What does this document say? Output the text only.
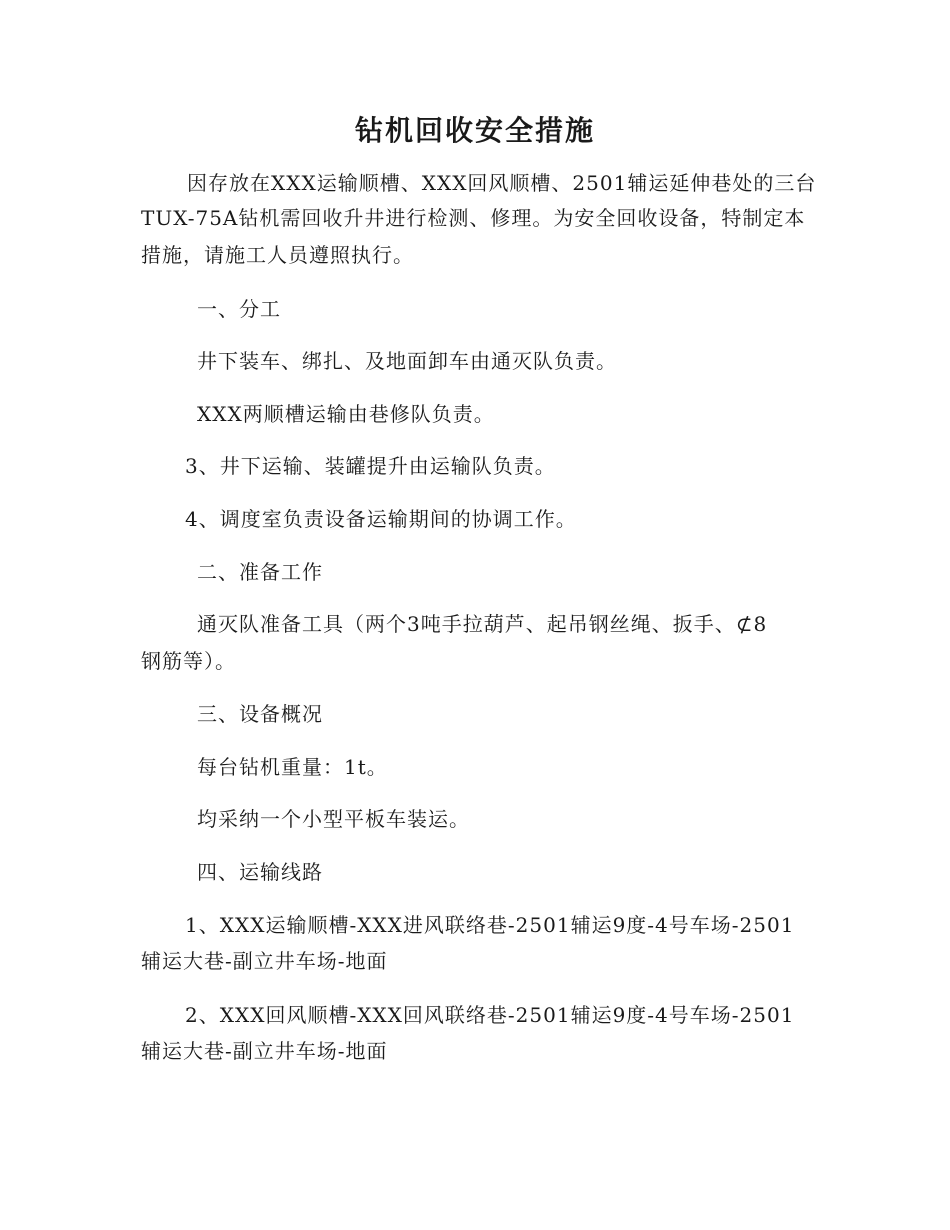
钻机回收安全措施
因存放在XXX运输顺槽、XXX回风顺槽、2501辅运延伸巷处的三台
TUX-75A钻机需回收升井进行检测、修理。为安全回收设备，特制定本
措施，请施工人员遵照执行。
一、分工
井下装车、绑扎、及地面卸车由通灭队负责。
XXX两顺槽运输由巷修队负责。
3、井下运输、装罐提升由运输队负责。
4、调度室负责设备运输期间的协调工作。
二、准备工作
通灭队准备工具（两个3吨手拉葫芦、起吊钢丝绳、扳手、⊄8
钢筋等）。
三、设备概况
每台钻机重量：1t。
均采纳一个小型平板车装运。
四、运输线路
1、XXX运输顺槽-XXX进风联络巷-2501辅运9度-4号车场-2501
辅运大巷-副立井车场-地面
2、XXX回风顺槽-XXX回风联络巷-2501辅运9度-4号车场-2501
辅运大巷-副立井车场-地面
